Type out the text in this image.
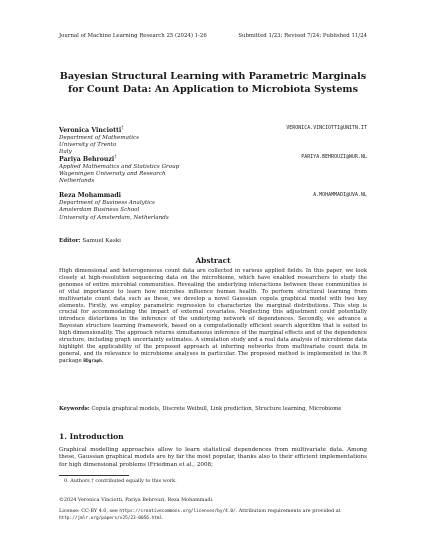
Journal of Machine Learning Research 25 (2024) 1-26	Submitted 1/23; Revised 7/24; Published 11/24
Bayesian Structural Learning with Parametric Marginals for Count Data: An Application to Microbiota Systems
Veronica Vinciotti†	VERONICA.VINCIOTTI@UNITN.IT
Department of Mathematics
University of Trento
Italy
Pariya Behrouzi†	PARIYA.BEHROUZI@WUR.NL
Applied Mathematics and Statistics Group
Wageningen University and Research
Netherlands
Reza Mohammadi	A.MOHAMMADI@UVA.NL
Department of Business Analytics
Amsterdam Business School
University of Amsterdam, Netherlands
Editor: Samuel Kaski
Abstract
High dimensional and heterogeneous count data are collected in various applied fields. In this paper, we look closely at high-resolution sequencing data on the microbiome, which have enabled researchers to study the genomes of entire microbial communities. Revealing the underlying interactions between these communities is of vital importance to learn how microbes influence human health. To perform structural learning from multivariate count data such as these, we develop a novel Gaussian copula graphical model with two key elements. Firstly, we employ parametric regression to characterize the marginal distributions. This step is crucial for accommodating the impact of external covariates. Neglecting this adjustment could potentially introduce distortions in the inference of the underlying network of dependences. Secondly, we advance a Bayesian structure learning framework, based on a computationally efficient search algorithm that is suited to high dimensionality. The approach returns simultaneous inference of the marginal effects and of the dependence structure, including graph uncertainty estimates. A simulation study and a real data analysis of microbiome data highlight the applicability of the proposed approach at inferring networks from multivariate count data in general, and its relevance to microbiome analyses in particular. The proposed method is implemented in the R package BDgraph.
Keywords: Copula graphical models, Discrete Weibull, Link prediction, Structure learning, Microbiome
1. Introduction
Graphical modelling approaches allow to learn statistical dependences from multivariate data. Among these, Gaussian graphical models are by far the most popular, thanks also to their efficient implementations for high dimensional problems (Friedman et al., 2008;
0. Authors † contributed equally to this work.
©2024 Veronica Vinciotti, Pariya Behrouzi, Reza Mohammadi.
License: CC-BY 4.0, see https://creativecommons.org/licenses/by/4.0/. Attribution requirements are provided at http://jmlr.org/papers/v25/23-0056.html.
